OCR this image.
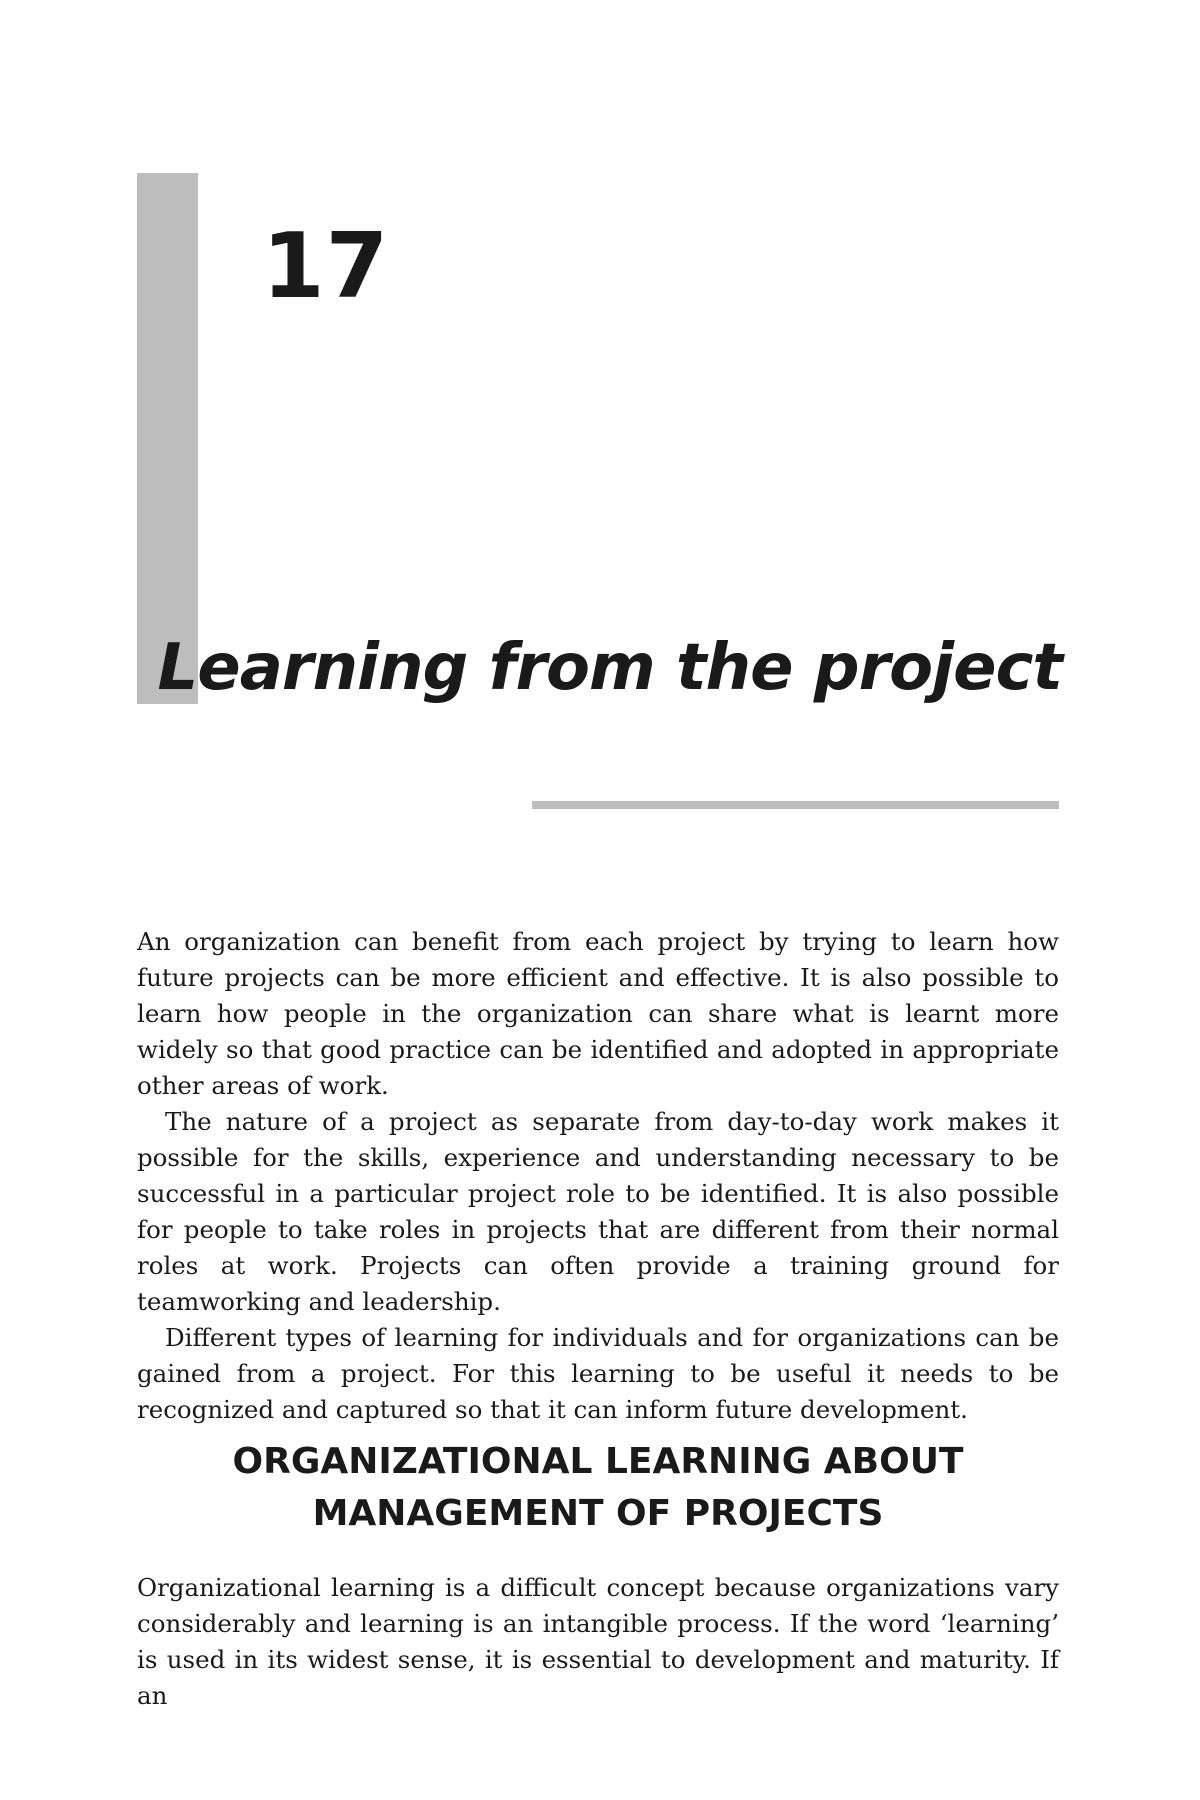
17
Learning from the project

An organization can benefit from each project by trying to learn how future projects can be more efficient and effective. It is also possible to learn how people in the organization can share what is learnt more widely so that good practice can be identified and adopted in appropriate other areas of work.

The nature of a project as separate from day-to-day work makes it possible for the skills, experience and understanding necessary to be successful in a particular project role to be identified. It is also possible for people to take roles in projects that are different from their normal roles at work. Projects can often provide a training ground for teamworking and leadership.

Different types of learning for individuals and for organizations can be gained from a project. For this learning to be useful it needs to be recognized and captured so that it can inform future development.

ORGANIZATIONAL LEARNING ABOUT
MANAGEMENT OF PROJECTS

Organizational learning is a difficult concept because organizations vary considerably and learning is an intangible process. If the word ‘learning’ is used in its widest sense, it is essential to development and maturity. If an
